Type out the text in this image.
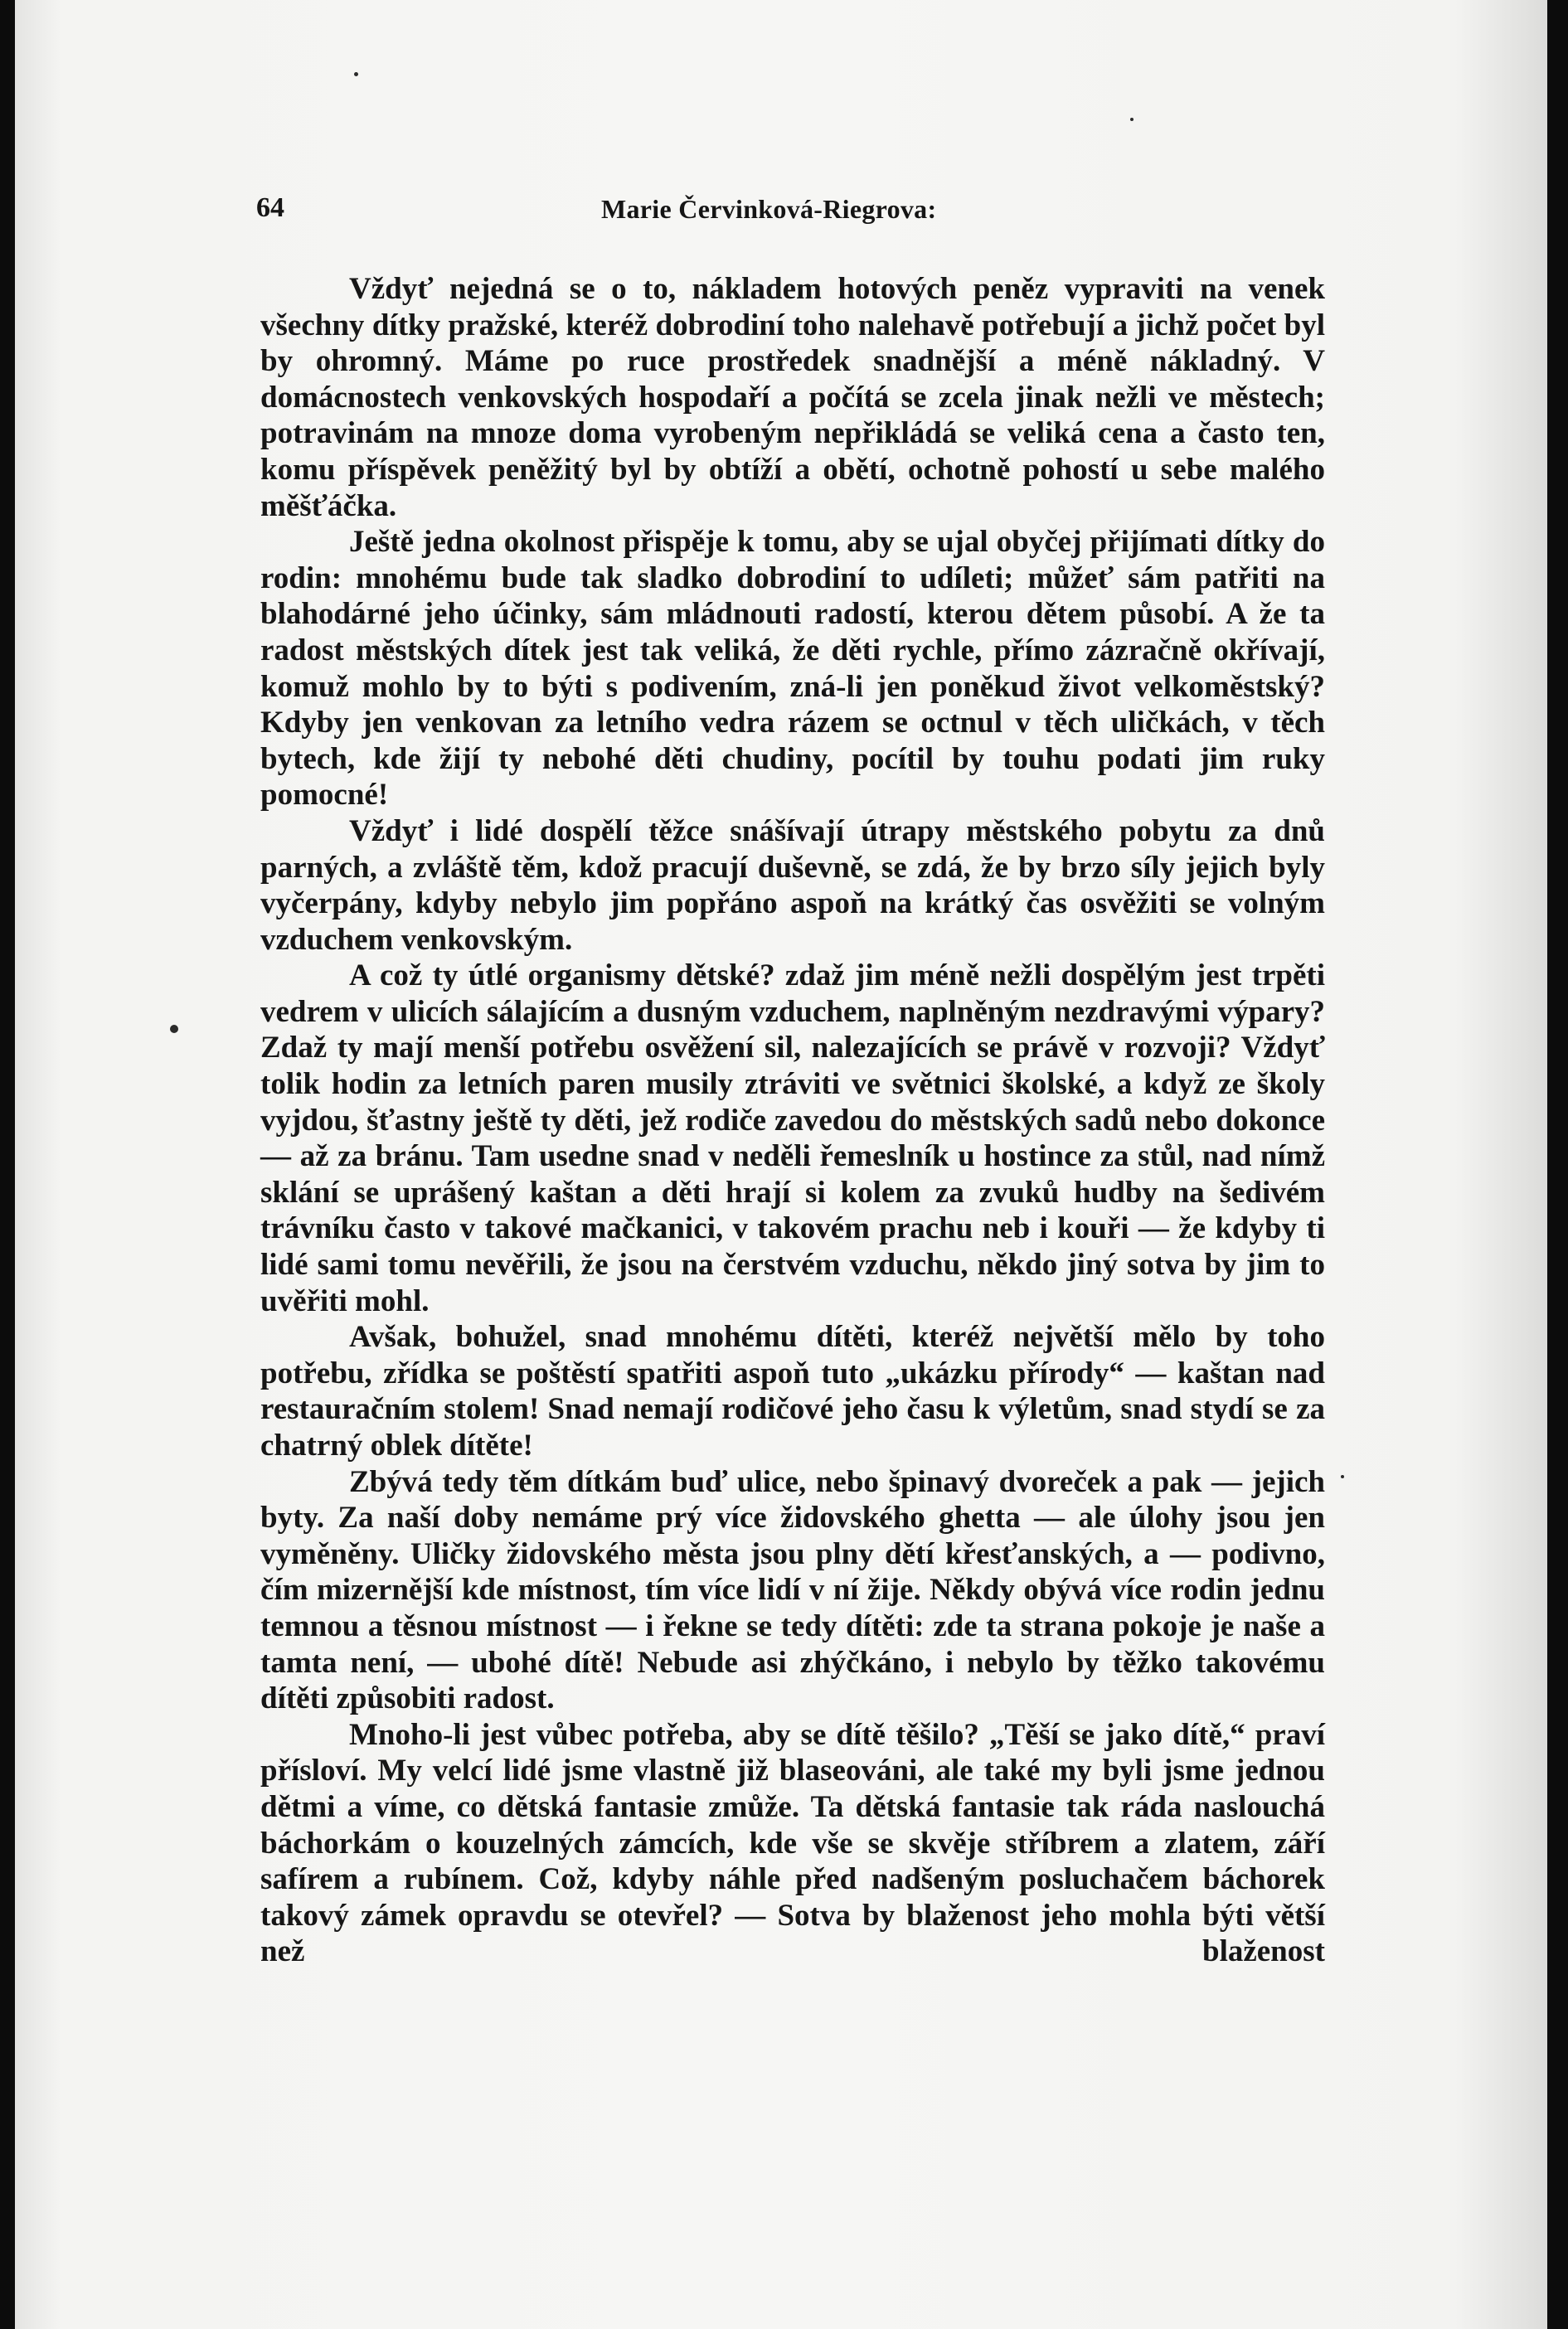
64	Marie Červinková-Riegrova:

Vždyť nejedná se o to, nákladem hotových peněz vypraviti na venek všechny dítky pražské, kteréž dobrodiní toho nalehavě potřebují a jichž počet byl by ohromný. Máme po ruce prostředek snadnější a méně nákladný. V domácnostech venkovských hospodaří a počítá se zcela jinak nežli ve městech; potravinám na mnoze doma vyrobeným nepřikládá se veliká cena a často ten, komu příspěvek peněžitý byl by obtíží a obětí, ochotně pohostí u sebe malého měšťáčka.

Ještě jedna okolnost přispěje k tomu, aby se ujal obyčej přijímati dítky do rodin: mnohému bude tak sladko dobrodiní to udíleti; můžeť sám patřiti na blahodárné jeho účinky, sám mládnouti radostí, kterou dětem působí. A že ta radost městských dítek jest tak veliká, že děti rychle, přímo zázračně okřívají, komuž mohlo by to býti s podivením, zná-li jen poněkud život velkoměstský? Kdyby jen venkovan za letního vedra rázem se octnul v těch uličkách, v těch bytech, kde žijí ty nebohé děti chudiny, pocítil by touhu podati jim ruky pomocné!

Vždyť i lidé dospělí těžce snášívají útrapy městského pobytu za dnů parných, a zvláště těm, kdož pracují duševně, se zdá, že by brzo síly jejich byly vyčerpány, kdyby nebylo jim popřáno aspoň na krátký čas osvěžiti se volným vzduchem venkovským.

A což ty útlé organismy dětské? zdaž jim méně nežli dospělým jest trpěti vedrem v ulicích sálajícím a dusným vzduchem, naplněným nezdravými výpary? Zdaž ty mají menší potřebu osvěžení sil, nalezajících se právě v rozvoji? Vždyť tolik hodin za letních paren musily ztráviti ve světnici školské, a když ze školy vyjdou, šťastny ještě ty děti, jež rodiče zavedou do městských sadů nebo dokonce — až za bránu. Tam usedne snad v neděli řemeslník u hostince za stůl, nad nímž sklání se uprášený kaštan a děti hrají si kolem za zvuků hudby na šedivém trávníku často v takové mačkanici, v takovém prachu neb i kouři — že kdyby ti lidé sami tomu nevěřili, že jsou na čerstvém vzduchu, někdo jiný sotva by jim to uvěřiti mohl.

Avšak, bohužel, snad mnohému dítěti, kteréž největší mělo by toho potřebu, zřídka se poštěstí spatřiti aspoň tuto „ukázku přírody“ — kaštan nad restauračním stolem! Snad nemají rodičové jeho času k výletům, snad stydí se za chatrný oblek dítěte!

Zbývá tedy těm dítkám buď ulice, nebo špinavý dvoreček a pak — jejich byty. Za naší doby nemáme prý více židovského ghetta — ale úlohy jsou jen vyměněny. Uličky židovského města jsou plny dětí křesťanských, a — podivno, čím mizernější kde místnost, tím více lidí v ní žije. Někdy obývá více rodin jednu temnou a těsnou místnost — i řekne se tedy dítěti: zde ta strana pokoje je naše a tamta není, — ubohé dítě! Nebude asi zhýčkáno, i nebylo by těžko takovému dítěti způsobiti radost.

Mnoho-li jest vůbec potřeba, aby se dítě těšilo? „Těší se jako dítě,“ praví přísloví. My velcí lidé jsme vlastně již blaseováni, ale také my byli jsme jednou dětmi a víme, co dětská fantasie zmůže. Ta dětská fantasie tak ráda naslouchá báchorkám o kouzelných zámcích, kde vše se skvěje stříbrem a zlatem, září safírem a rubínem. Což, kdyby náhle před nadšeným posluchačem báchorek takový zámek opravdu se otevřel? — Sotva by blaženost jeho mohla býti větší než blaženost
